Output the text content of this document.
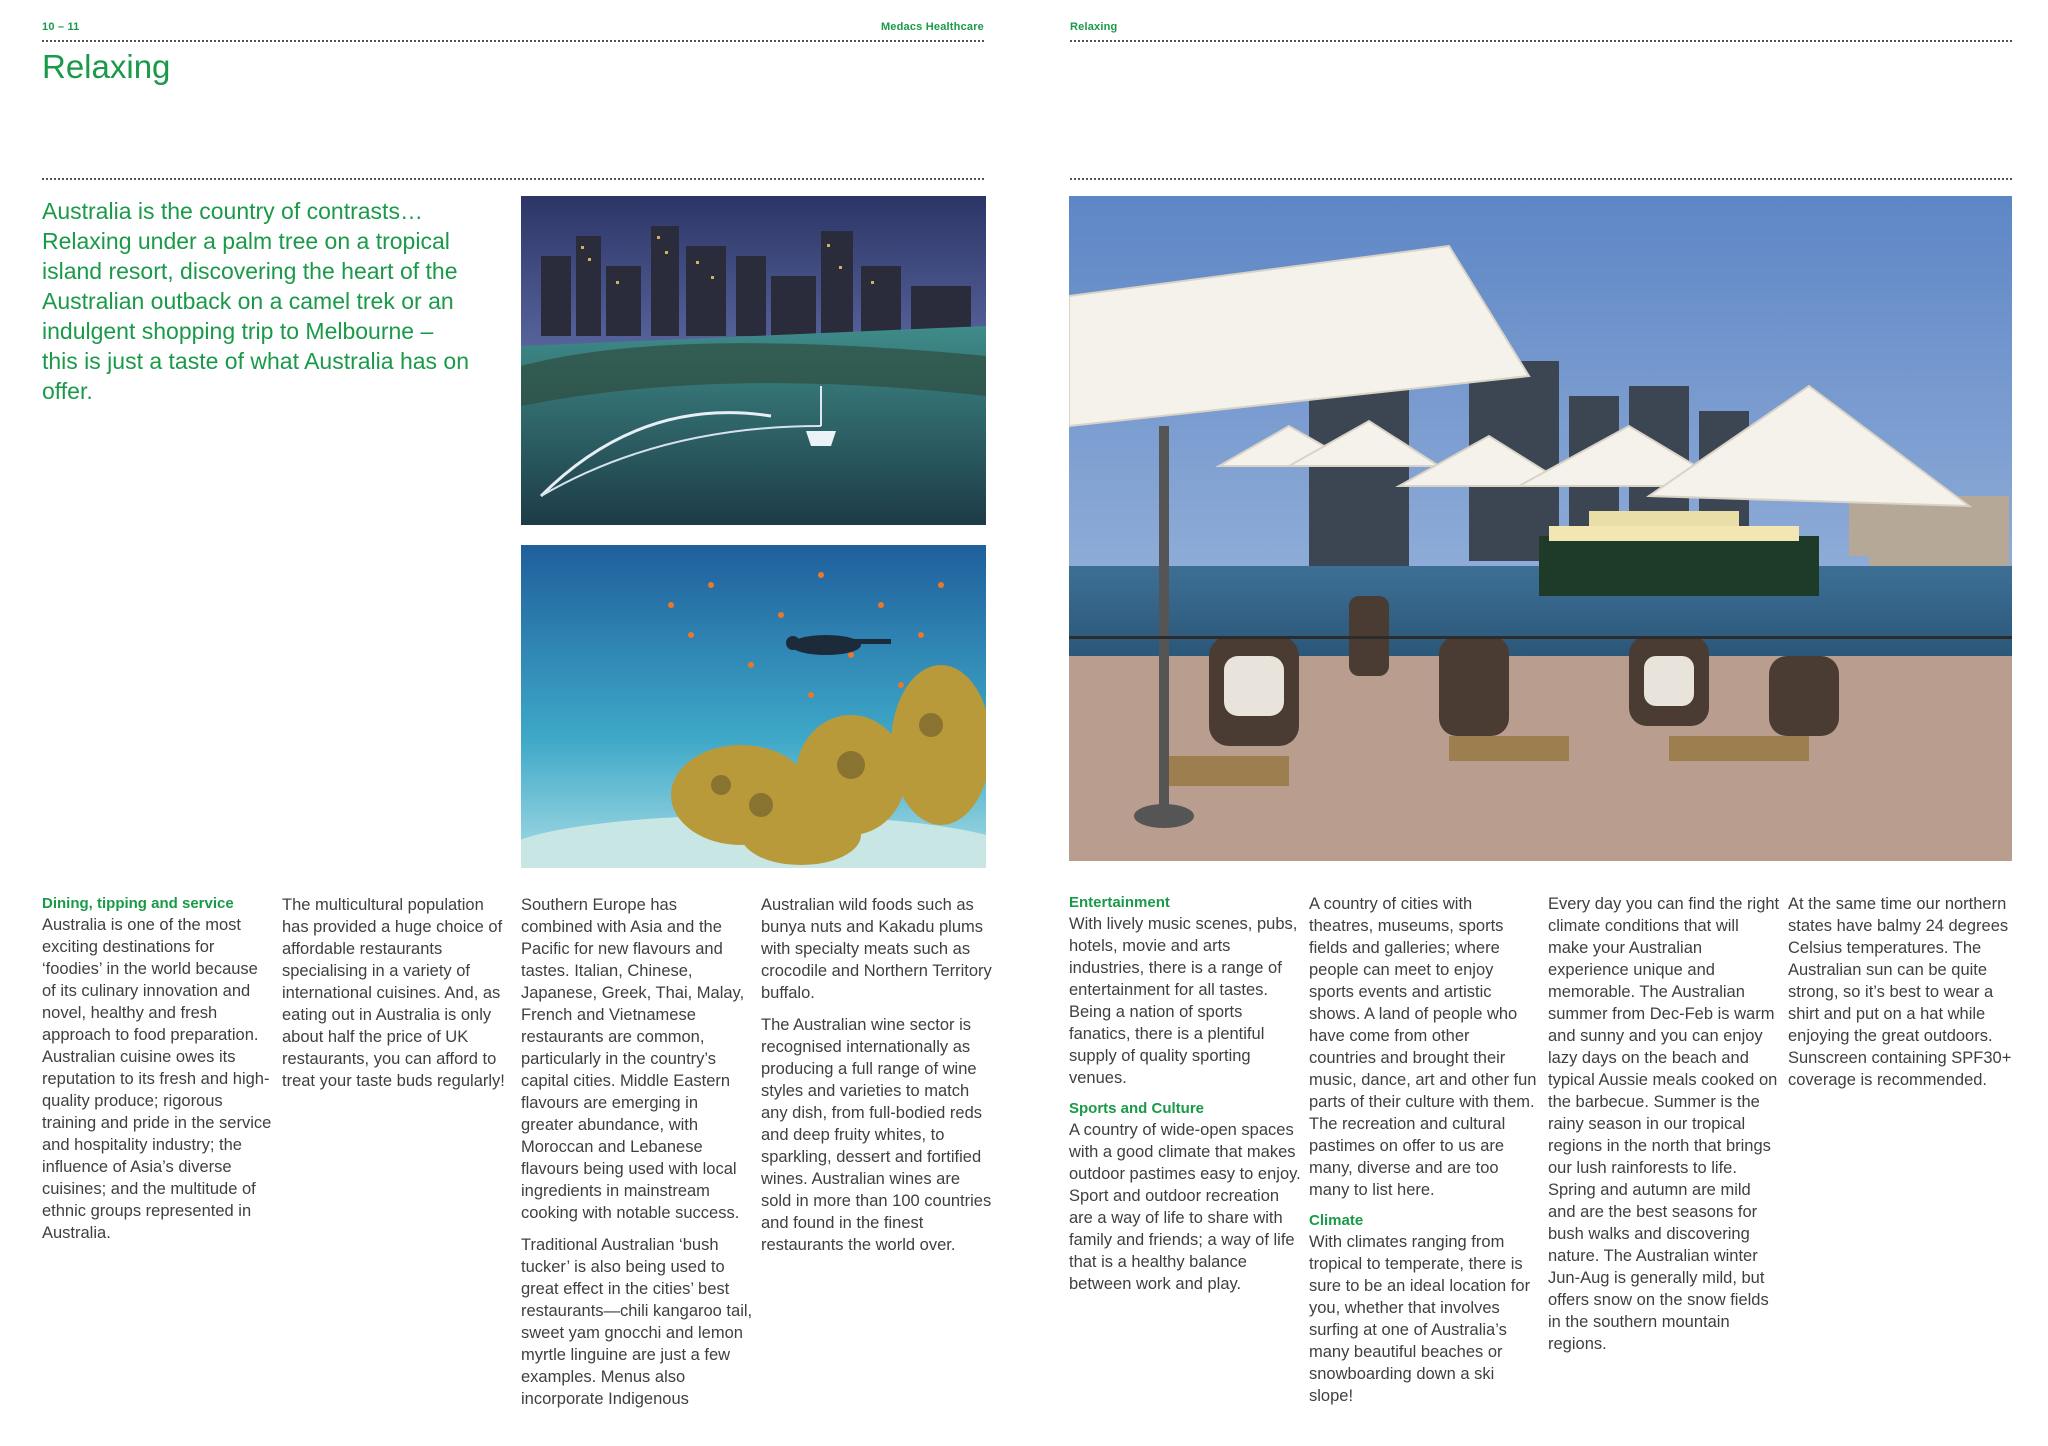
10 – 11	Medacs Healthcare
Relaxing
Australia is the country of contrasts… Relaxing under a palm tree on a tropical island resort, discovering the heart of the Australian outback on a camel trek or an indulgent shopping trip to Melbourne – this is just a taste of what Australia has on offer.
Dining, tipping and service

Australia is one of the most exciting destinations for ‘foodies’ in the world because of its culinary innovation and novel, healthy and fresh approach to food preparation. Australian cuisine owes its reputation to its fresh and high-quality produce; rigorous training and pride in the service and hospitality industry; the influence of Asia’s diverse cuisines; and the multitude of ethnic groups represented in Australia.

The multicultural population has provided a huge choice of affordable restaurants specialising in a variety of international cuisines. And, as eating out in Australia is only about half the price of UK restaurants, you can afford to treat your taste buds regularly!

Southern Europe has combined with Asia and the Pacific for new flavours and tastes. Italian, Chinese, Japanese, Greek, Thai, Malay, French and Vietnamese restaurants are common, particularly in the country’s capital cities. Middle Eastern flavours are emerging in greater abundance, with Moroccan and Lebanese flavours being used with local ingredients in mainstream cooking with notable success.

Traditional Australian ‘bush tucker’ is also being used to great effect in the cities’ best restaurants—chili kangaroo tail, sweet yam gnocchi and lemon myrtle linguine are just a few examples. Menus also incorporate Indigenous

Australian wild foods such as bunya nuts and Kakadu plums with specialty meats such as crocodile and Northern Territory buffalo.

The Australian wine sector is recognised internationally as producing a full range of wine styles and varieties to match any dish, from full-bodied reds and deep fruity whites, to sparkling, dessert and fortified wines. Australian wines are sold in more than 100 countries and found in the finest restaurants the world over.

Relaxing
Entertainment

With lively music scenes, pubs, hotels, movie and arts industries, there is a range of entertainment for all tastes. Being a nation of sports fanatics, there is a plentiful supply of quality sporting venues.

Sports and Culture

A country of wide-open spaces with a good climate that makes outdoor pastimes easy to enjoy. Sport and outdoor recreation are a way of life to share with family and friends; a way of life that is a healthy balance between work and play.

A country of cities with theatres, museums, sports fields and galleries; where people can meet to enjoy sports events and artistic shows. A land of people who have come from other countries and brought their music, dance, art and other fun parts of their culture with them. The recreation and cultural pastimes on offer to us are many, diverse and are too many to list here.

Climate

With climates ranging from tropical to temperate, there is sure to be an ideal location for you, whether that involves surfing at one of Australia’s many beautiful beaches or snowboarding down a ski slope!

Every day you can find the right climate conditions that will make your Australian experience unique and memorable. The Australian summer from Dec-Feb is warm and sunny and you can enjoy lazy days on the beach and typical Aussie meals cooked on the barbecue. Summer is the rainy season in our tropical regions in the north that brings our lush rainforests to life. Spring and autumn are mild and are the best seasons for bush walks and discovering nature. The Australian winter Jun-Aug is generally mild, but offers snow on the snow fields in the southern mountain regions.

At the same time our northern states have balmy 24 degrees Celsius temperatures. The Australian sun can be quite strong, so it’s best to wear a shirt and put on a hat while enjoying the great outdoors. Sunscreen containing SPF30+ coverage is recommended.
